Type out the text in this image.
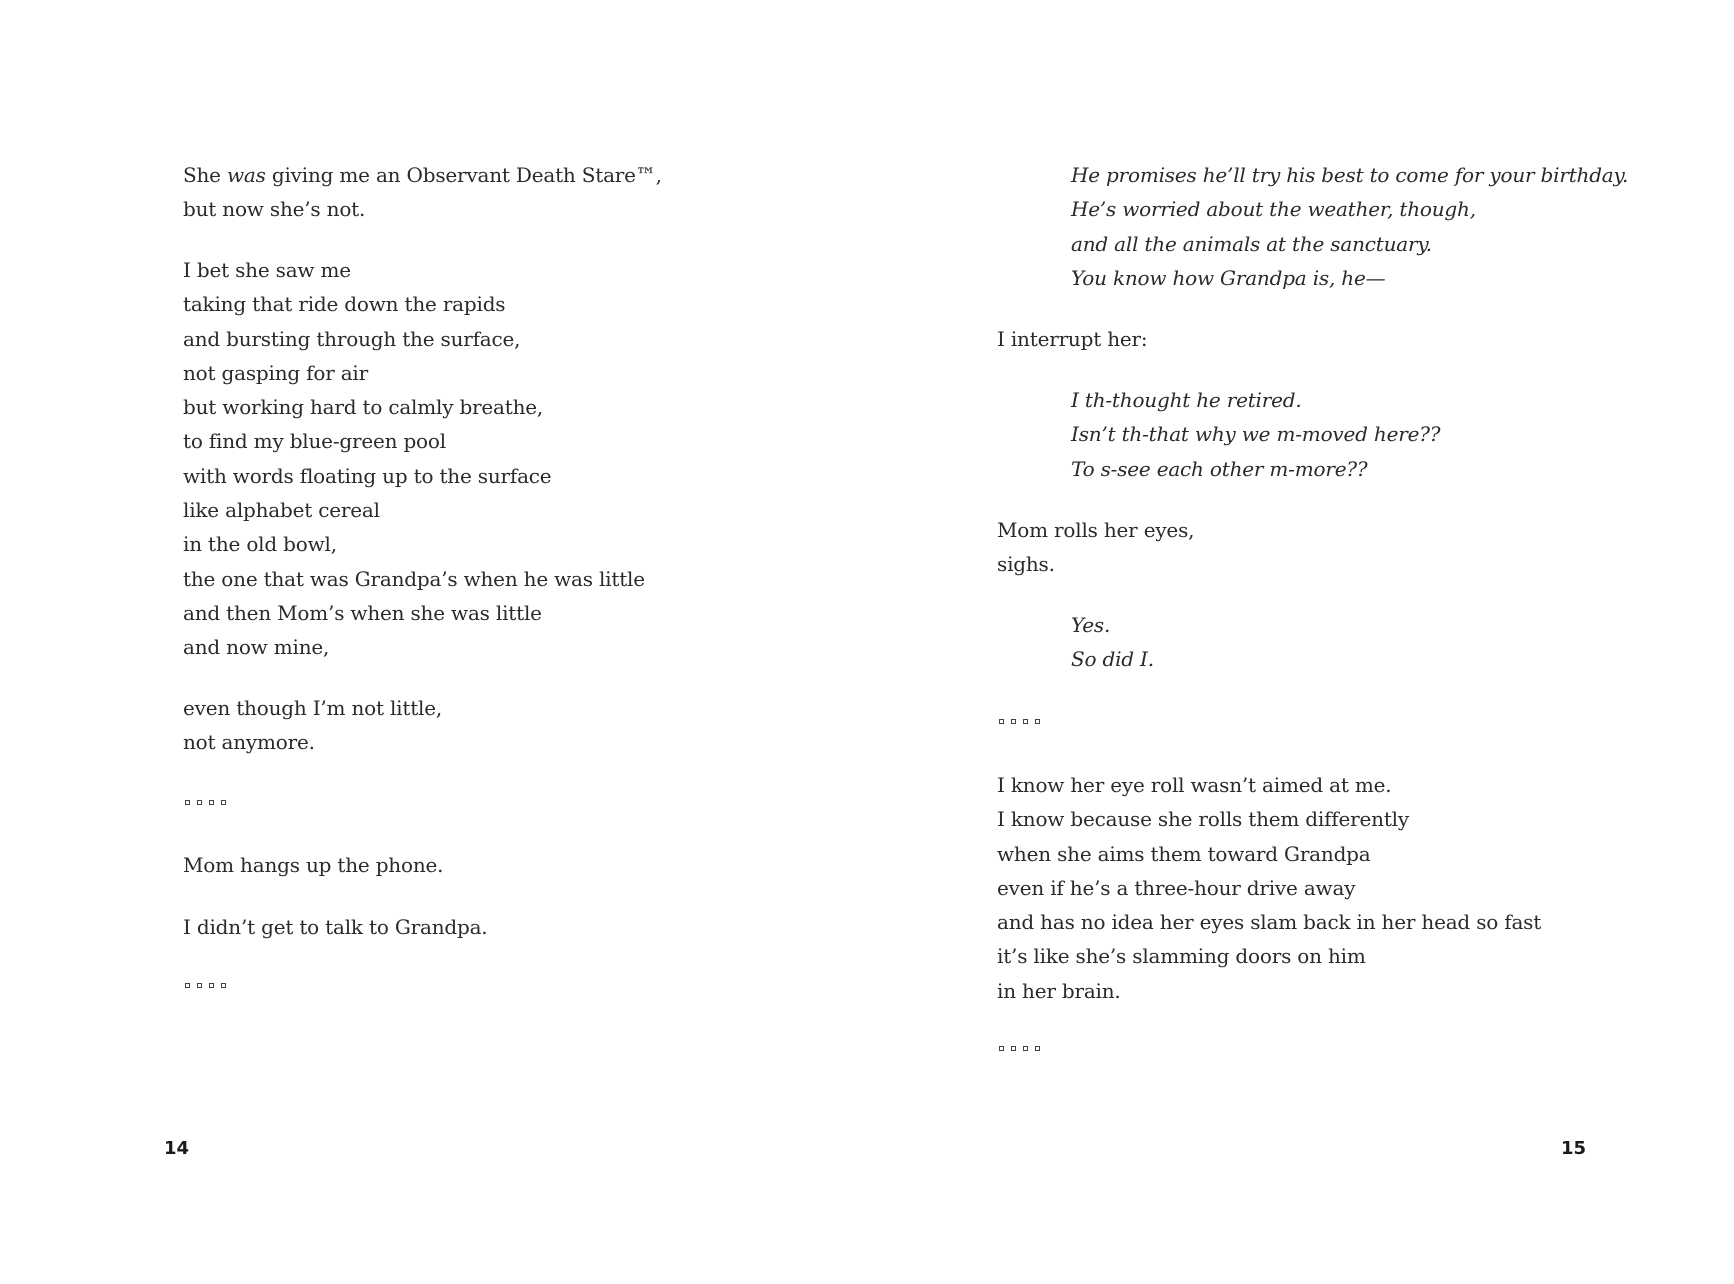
She was giving me an Observant Death Stare™,
but now she’s not.
I bet she saw me
taking that ride down the rapids
and bursting through the surface,
not gasping for air
but working hard to calmly breathe,
to find my blue-green pool
with words floating up to the surface
like alphabet cereal
in the old bowl,
the one that was Grandpa’s when he was little
and then Mom’s when she was little
and now mine,
even though I’m not little,
not anymore.
Mom hangs up the phone.
I didn’t get to talk to Grandpa.
14
He promises he’ll try his best to come for your birthday.
He’s worried about the weather, though,
and all the animals at the sanctuary.
You know how Grandpa is, he—
I interrupt her:
I th-thought he retired.
Isn’t th-that why we m-moved here??
To s-see each other m-more??
Mom rolls her eyes,
sighs.
Yes.
So did I.
I know her eye roll wasn’t aimed at me.
I know because she rolls them differently
when she aims them toward Grandpa
even if he’s a three-hour drive away
and has no idea her eyes slam back in her head so fast
it’s like she’s slamming doors on him
in her brain.
15
